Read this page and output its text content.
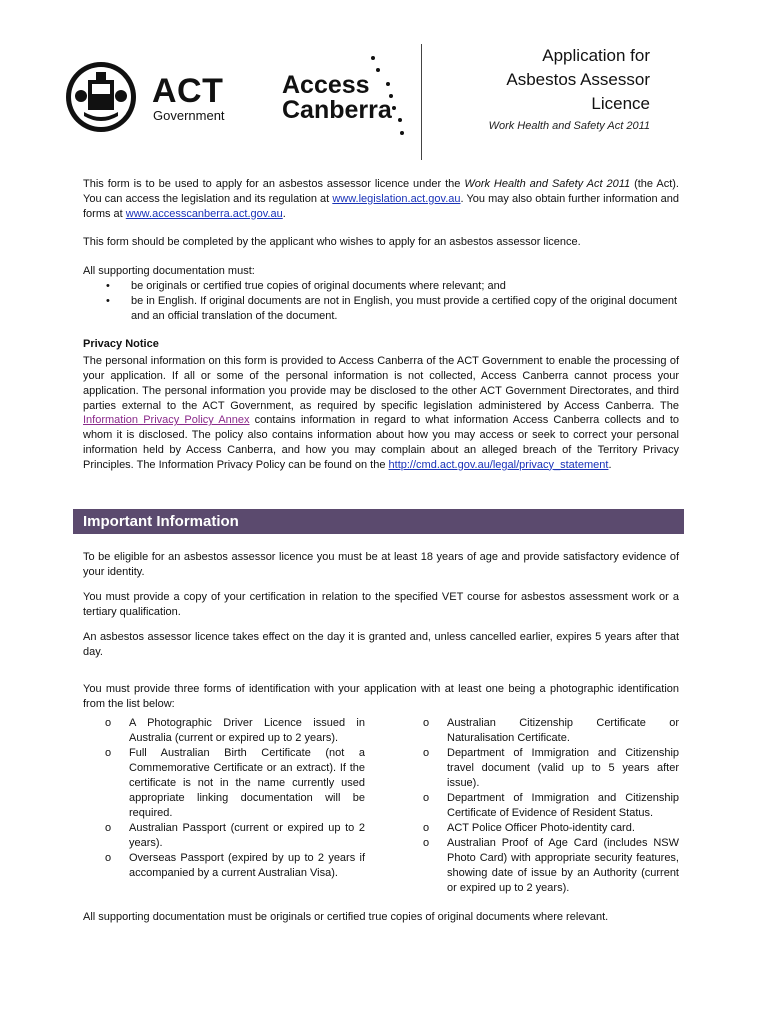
ACT
Government
Access
Canberra
Application for
Asbestos Assessor
Licence
Work Health and Safety Act 2011

This form is to be used to apply for an asbestos assessor licence under the Work Health and Safety Act 2011 (the Act). You can access the legislation and its regulation at www.legislation.act.gov.au. You may also obtain further information and forms at www.accesscanberra.act.gov.au.

This form should be completed by the applicant who wishes to apply for an asbestos assessor licence.

All supporting documentation must:
• be originals or certified true copies of original documents where relevant; and
• be in English. If original documents are not in English, you must provide a certified copy of the original document and an official translation of the document.
Privacy Notice

The personal information on this form is provided to Access Canberra of the ACT Government to enable the processing of your application. If all or some of the personal information is not collected, Access Canberra cannot process your application. The personal information you provide may be disclosed to the other ACT Government Directorates, and third parties external to the ACT Government, as required by specific legislation administered by Access Canberra. The Information Privacy Policy Annex contains information in regard to what information Access Canberra collects and to whom it is disclosed. The policy also contains information about how you may access or seek to correct your personal information held by Access Canberra, and how you may complain about an alleged breach of the Territory Privacy Principles. The Information Privacy Policy can be found on the http://cmd.act.gov.au/legal/privacy_statement.

Important Information

To be eligible for an asbestos assessor licence you must be at least 18 years of age and provide satisfactory evidence of your identity.

You must provide a copy of your certification in relation to the specified VET course for asbestos assessment work or a tertiary qualification.

An asbestos assessor licence takes effect on the day it is granted and, unless cancelled earlier, expires 5 years after that day.

You must provide three forms of identification with your application with at least one being a photographic identification from the list below:

o A Photographic Driver Licence issued in Australia (current or expired up to 2 years).
o Full Australian Birth Certificate (not a Commemorative Certificate or an extract). If the certificate is not in the name currently used appropriate linking documentation will be required.
o Australian Passport (current or expired up to 2 years).
o Overseas Passport (expired by up to 2 years if accompanied by a current Australian Visa).
o Australian Citizenship Certificate or Naturalisation Certificate.
o Department of Immigration and Citizenship travel document (valid up to 5 years after issue).
o Department of Immigration and Citizenship Certificate of Evidence of Resident Status.
o ACT Police Officer Photo-identity card.
o Australian Proof of Age Card (includes NSW Photo Card) with appropriate security features, showing date of issue by an Authority (current or expired up to 2 years).
All supporting documentation must be originals or certified true copies of original documents where relevant.
